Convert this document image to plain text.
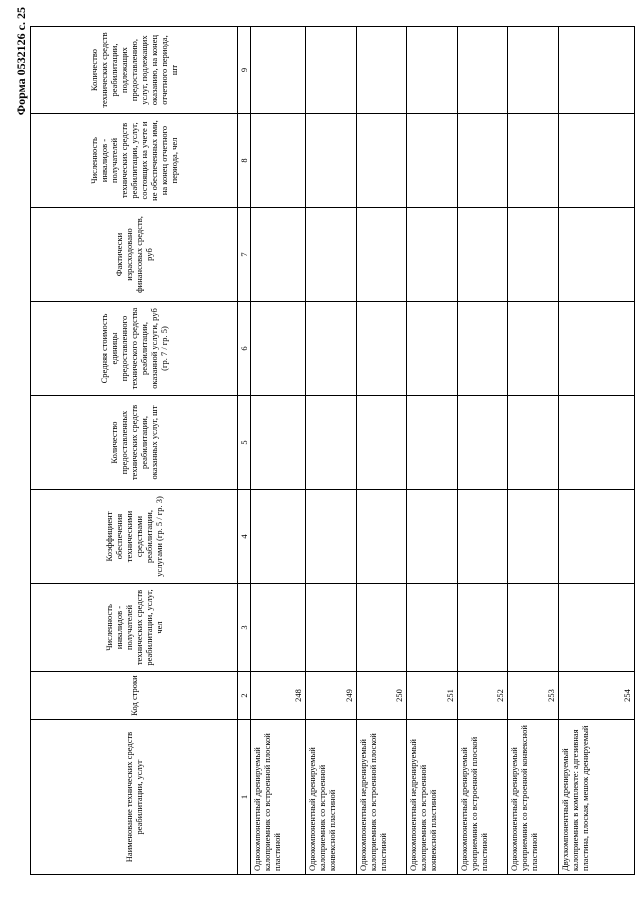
Форма 0532126 с. 25
Наименование технических средств реабилитации, услуг	Код строки	Численность инвалидов - получателей технических средств реабилитации, услуг, чел	Коэффициент обеспечения техническими средствами реабилитации, услугами (гр. 5 / гр. 3)	Количество предоставленных технических средств реабилитации, оказанных услуг, шт	Средняя стоимость единицы предоставленного технического средства реабилитации, оказанной услуги, руб (гр. 7 / гр. 5)	Фактически израсходовано финансовых средств, руб	Численность инвалидов - получателей технических средств реабилитации, услуг, состоящих на учете и не обеспеченных ими, на конец отчетного периода, чел	Количество технических средств реабилитации, подлежащих предоставлению, услуг, подлежащих оказанию, на конец отчетного периода, шт
1	2	3	4	5	6	7	8	9
Однокомпонентный дренируемый калоприемник со встроенной плоской пластиной	248							
Однокомпонентный дренируемый калоприемник со встроенной конвексной пластиной	249							
Однокомпонентный недренируемый калоприемник со встроенной плоской пластиной	250							
Однокомпонентный недренируемый калоприемник со встроенной конвексной пластиной	251							
Однокомпонентный дренируемый уроприемник со встроенной плоской пластиной	252							
Однокомпонентный дренируемый уроприемник со встроенной конвексной пластиной	253							
Двухкомпонентный дренируемый калоприемник в комплекте: адгезивная пластина, плоская, мешок дренируемый	254							
